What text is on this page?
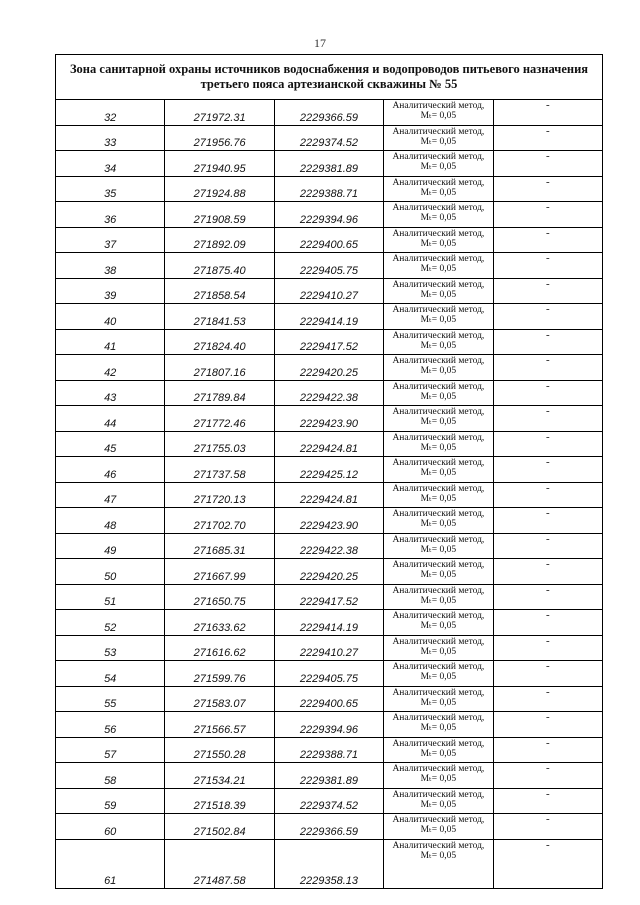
17
Зона санитарной охраны источников водоснабжения и водопроводов питьевого назначения третьего пояса артезианской скважины № 55				
32	271972.31	2229366.59	Аналитический метод,

Mₜ= 0,05	-
33	271956.76	2229374.52	Аналитический метод,

Mₜ= 0,05	-
34	271940.95	2229381.89	Аналитический метод,

Mₜ= 0,05	-
35	271924.88	2229388.71	Аналитический метод,

Mₜ= 0,05	-
36	271908.59	2229394.96	Аналитический метод,

Mₜ= 0,05	-
37	271892.09	2229400.65	Аналитический метод,

Mₜ= 0,05	-
38	271875.40	2229405.75	Аналитический метод,

Mₜ= 0,05	-
39	271858.54	2229410.27	Аналитический метод,

Mₜ= 0,05	-
40	271841.53	2229414.19	Аналитический метод,

Mₜ= 0,05	-
41	271824.40	2229417.52	Аналитический метод,

Mₜ= 0,05	-
42	271807.16	2229420.25	Аналитический метод,

Mₜ= 0,05	-
43	271789.84	2229422.38	Аналитический метод,

Mₜ= 0,05	-
44	271772.46	2229423.90	Аналитический метод,

Mₜ= 0,05	-
45	271755.03	2229424.81	Аналитический метод,

Mₜ= 0,05	-
46	271737.58	2229425.12	Аналитический метод,

Mₜ= 0,05	-
47	271720.13	2229424.81	Аналитический метод,

Mₜ= 0,05	-
48	271702.70	2229423.90	Аналитический метод,

Mₜ= 0,05	-
49	271685.31	2229422.38	Аналитический метод,

Mₜ= 0,05	-
50	271667.99	2229420.25	Аналитический метод,

Mₜ= 0,05	-
51	271650.75	2229417.52	Аналитический метод,

Mₜ= 0,05	-
52	271633.62	2229414.19	Аналитический метод,

Mₜ= 0,05	-
53	271616.62	2229410.27	Аналитический метод,

Mₜ= 0,05	-
54	271599.76	2229405.75	Аналитический метод,

Mₜ= 0,05	-
55	271583.07	2229400.65	Аналитический метод,

Mₜ= 0,05	-
56	271566.57	2229394.96	Аналитический метод,

Mₜ= 0,05	-
57	271550.28	2229388.71	Аналитический метод,

Mₜ= 0,05	-
58	271534.21	2229381.89	Аналитический метод,

Mₜ= 0,05	-
59	271518.39	2229374.52	Аналитический метод,

Mₜ= 0,05	-
60	271502.84	2229366.59	Аналитический метод,

Mₜ= 0,05	-
61	271487.58	2229358.13	Аналитический метод,

Mₜ= 0,05	-
